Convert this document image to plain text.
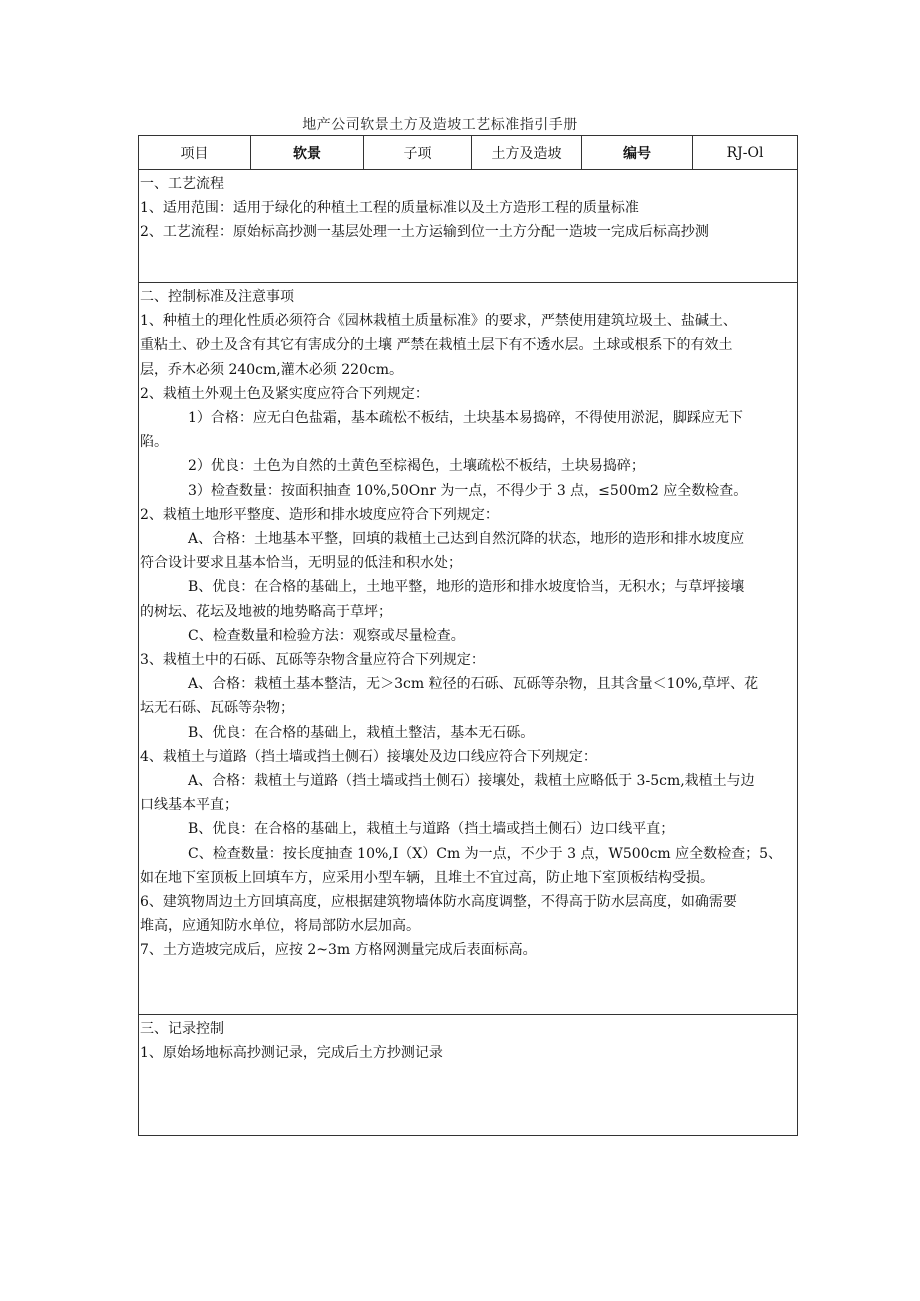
地产公司软景土方及造坡工艺标准指引手册
项目	软景	子项	土方及造坡	编号	RJ-Ol
一、工艺流程
1、适用范围：适用于绿化的种植土工程的质量标准以及土方造形工程的质量标准
2、工艺流程：原始标高抄测一基层处理一土方运输到位一土方分配一造坡一完成后标高抄测
二、控制标准及注意事项
1、种植土的理化性质必须符合《园林栽植土质量标准》的要求，严禁使用建筑垃圾土、盐碱土、
重粘土、砂土及含有其它有害成分的土壤 严禁在栽植土层下有不透水层。土球或根系下的有效土
层，乔木必须 240cm,灌木必须 220cm。
2、栽植土外观土色及紧实度应符合下列规定：
1）合格：应无白色盐霜，基本疏松不板结，土块基本易捣碎，不得使用淤泥，脚踩应无下
陷。
2）优良：土色为自然的土黄色至棕褐色，土壤疏松不板结，土块易捣碎；
3）检查数量：按面积抽查 10%,50Onr 为一点，不得少于 3 点，≤500m2 应全数检查。
2、栽植土地形平整度、造形和排水坡度应符合下列规定：
A、合格：土地基本平整，回填的栽植土己达到自然沉降的状态，地形的造形和排水坡度应
符合设计要求且基本恰当，无明显的低洼和积水处；
B、优良：在合格的基础上，土地平整，地形的造形和排水坡度恰当，无积水；与草坪接壤
的树坛、花坛及地被的地势略高于草坪；
C、检查数量和检验方法：观察或尽量检查。
3、栽植土中的石砾、瓦砾等杂物含量应符合下列规定：
A、合格：栽植土基本整洁，无＞3cm 粒径的石砾、瓦砾等杂物，且其含量＜10%,草坪、花
坛无石砾、瓦砾等杂物；
B、优良：在合格的基础上，栽植土整洁，基本无石砾。
4、栽植土与道路（挡土墙或挡土侧石）接壤处及边口线应符合下列规定：
A、合格：栽植土与道路（挡土墙或挡土侧石）接壤处，栽植土应略低于 3-5cm,栽植土与边
口线基本平直；
B、优良：在合格的基础上，栽植土与道路（挡土墙或挡土侧石）边口线平直；
C、检查数量：按长度抽查 10%,I（X）Cm 为一点，不少于 3 点，W500cm 应全数检查；5、
如在地下室顶板上回填车方，应采用小型车辆，且堆土不宜过高，防止地下室顶板结构受损。
6、建筑物周边土方回填高度，应根据建筑物墙体防水高度调整，不得高于防水层高度，如确需要
堆高，应通知防水单位，将局部防水层加高。
7、土方造坡完成后，应按 2~3m 方格网测量完成后表面标高。
三、记录控制
1、原始场地标高抄测记录，完成后土方抄测记录
